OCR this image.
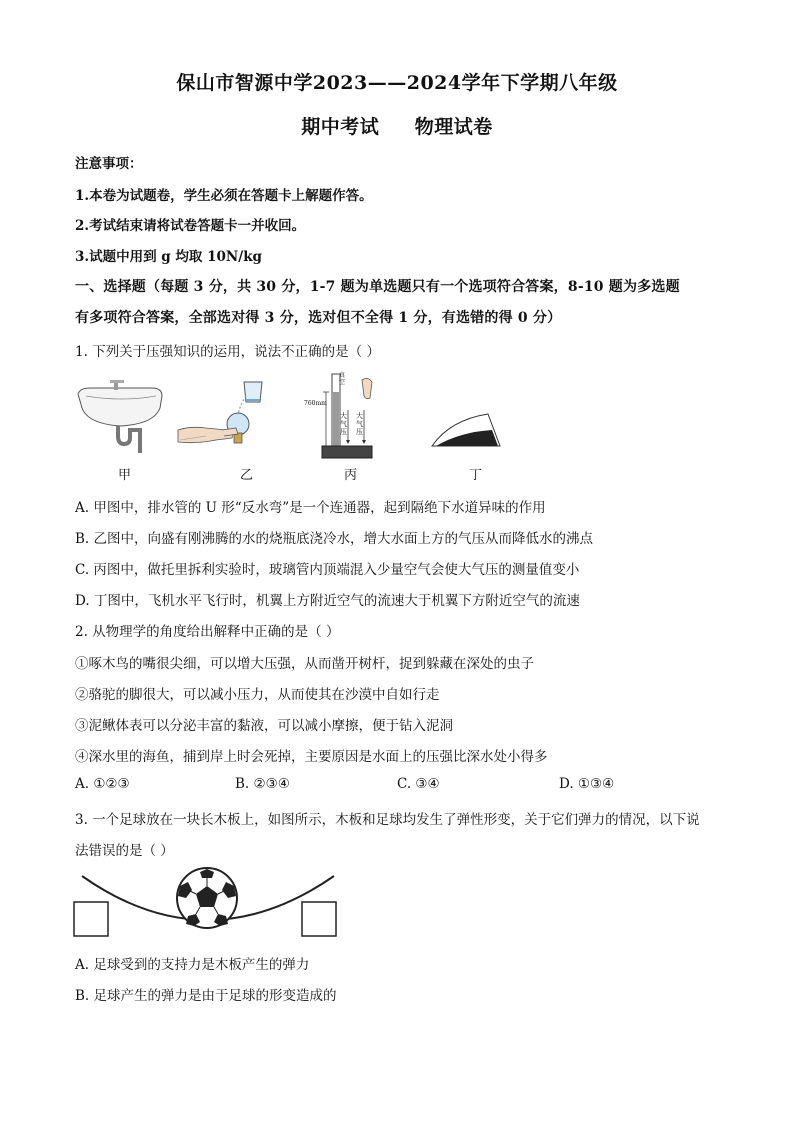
保山市智源中学2023——2024学年下学期八年级
期中考试     物理试卷
注意事项：
1.本卷为试题卷，学生必须在答题卡上解题作答。
2.考试结束请将试卷答题卡一并收回。
3.试题中用到 g 均取 10N/kg
一、选择题（每题 3 分，共 30 分，1-7 题为单选题只有一个选项符合答案，8-10 题为多选题
有多项符合答案，全部选对得 3 分，选对但不全得 1 分，有选错的得 0 分）
1. 下列关于压强知识的运用，说法不正确的是（ ）
甲	乙
真空
760mm
大气压
大气压
丙	丁
A. 甲图中，排水管的 U 形“反水弯”是一个连通器，起到隔绝下水道异味的作用
B. 乙图中，向盛有刚沸腾的水的烧瓶底浇冷水，增大水面上方的气压从而降低水的沸点
C. 丙图中，做托里拆利实验时，玻璃管内顶端混入少量空气会使大气压的测量值变小
D. 丁图中，飞机水平飞行时，机翼上方附近空气的流速大于机翼下方附近空气的流速
2. 从物理学的角度给出解释中正确的是（ ）
①啄木鸟的嘴很尖细，可以增大压强，从而凿开树杆，捉到躲藏在深处的虫子
②骆驼的脚很大，可以减小压力，从而使其在沙漠中自如行走
③泥鳅体表可以分泌丰富的黏液，可以减小摩擦，便于钻入泥洞
④深水里的海鱼，捕到岸上时会死掉，主要原因是水面上的压强比深水处小得多
A. ①②③	B. ②③④	C. ③④	D. ①③④
3. 一个足球放在一块长木板上，如图所示，木板和足球均发生了弹性形变，关于它们弹力的情况，以下说
法错误的是（ ）
A. 足球受到的支持力是木板产生的弹力
B. 足球产生的弹力是由于足球的形变造成的
